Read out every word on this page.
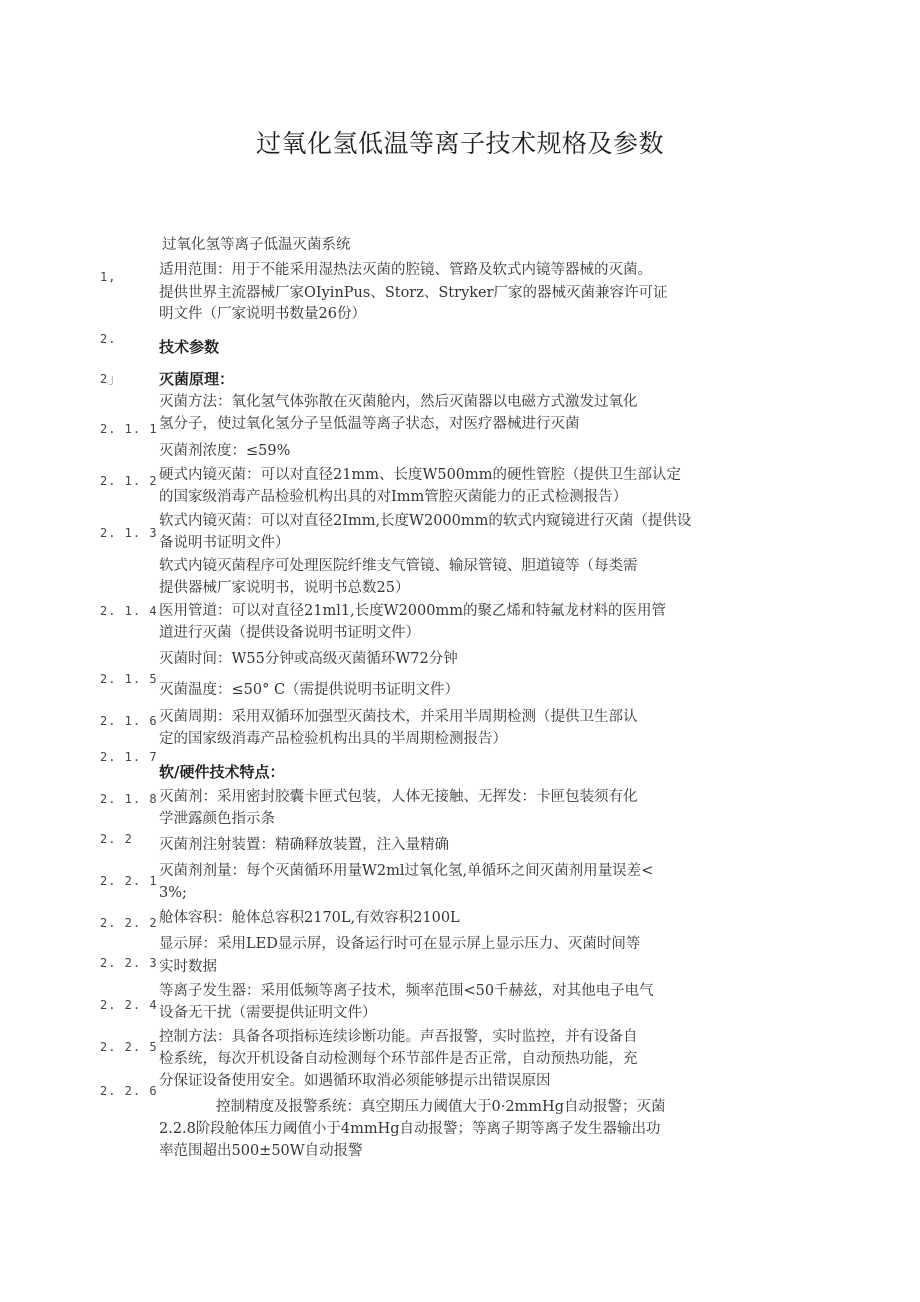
过氧化氢低温等离子技术规格及参数
1,
2.
2」
2. 1. 1
2. 1. 2
2. 1. 3
2. 1. 4
2. 1. 5
2. 1. 6
2. 1. 7
2. 1. 8
2. 2
2. 2. 1
2. 2. 2
2. 2. 3
2. 2. 4
2. 2. 5
2. 2. 6
过氧化氢等离子低温灭菌系统
适用范围：用于不能采用湿热法灭菌的腔镜、管路及软式内镜等器械的灭菌。
提供世界主流器械厂家OIyinPus、Storz、Stryker厂家的器械灭菌兼容许可证
明文件（厂家说明书数量26份）
技术参数
灭菌原理：
灭菌方法：氧化氢气体弥散在灭菌舱内，然后灭菌器以电磁方式激发过氧化
氢分子，使过氧化氢分子呈低温等离子状态，对医疗器械进行灭菌
灭菌剂浓度：≤59%
硬式内镜灭菌：可以对直径21mm、长度W500mm的硬性管腔（提供卫生部认定
的国家级消毒产品检验机构出具的对Imm管腔灭菌能力的正式检测报告）
软式内镜灭菌：可以对直径2Imm,长度W2000mm的软式内窥镜进行灭菌（提供设
备说明书证明文件）
软式内镜灭菌程序可处理医院纤维支气管镜、输尿管镜、胆道镜等（每类需
提供器械厂家说明书，说明书总数25）
医用管道：可以对直径21ml1,长度W2000mm的聚乙烯和特氟龙材料的医用管
道进行灭菌（提供设备说明书证明文件）
灭菌时间：W55分钟或高级灭菌循环W72分钟
灭菌温度：≤50° C（需提供说明书证明文件）
灭菌周期：采用双循环加强型灭菌技术，并采用半周期检测（提供卫生部认
定的国家级消毒产品检验机构出具的半周期检测报告）
软/硬件技术特点：
灭菌剂：采用密封胶囊卡匣式包装，人体无接触、无挥发：卡匣包装须有化
学泄露颜色指示条
灭菌剂注射装置：精确释放装置，注入量精确
灭菌剂剂量：每个灭菌循环用量W2ml过氧化氢,单循环之间灭菌剂用量误差<
3%;
舱体容积：舱体总容积2170L,有效容积2100L
显示屏：采用LED显示屏，设备运行时可在显示屏上显示压力、灭菌时间等
实时数据
等离子发生器：采用低频等离子技术，频率范围<50千赫兹，对其他电子电气
设备无干扰（需要提供证明文件）
控制方法：具备各项指标连续诊断功能。声吾报警，实时监控，并有设备自
检系统，每次开机设备自动检测每个环节部件是否正常，自动预热功能，充
分保证设备使用安全。如遇循环取消必须能够提示出错误原因
控制精度及报警系统：真空期压力阈值大于0·2mmHg自动报警；灭菌
2.2.8阶段舱体压力阈值小于4mmHg自动报警；等离子期等离子发生器输出功
率范围超出500±50W自动报警
